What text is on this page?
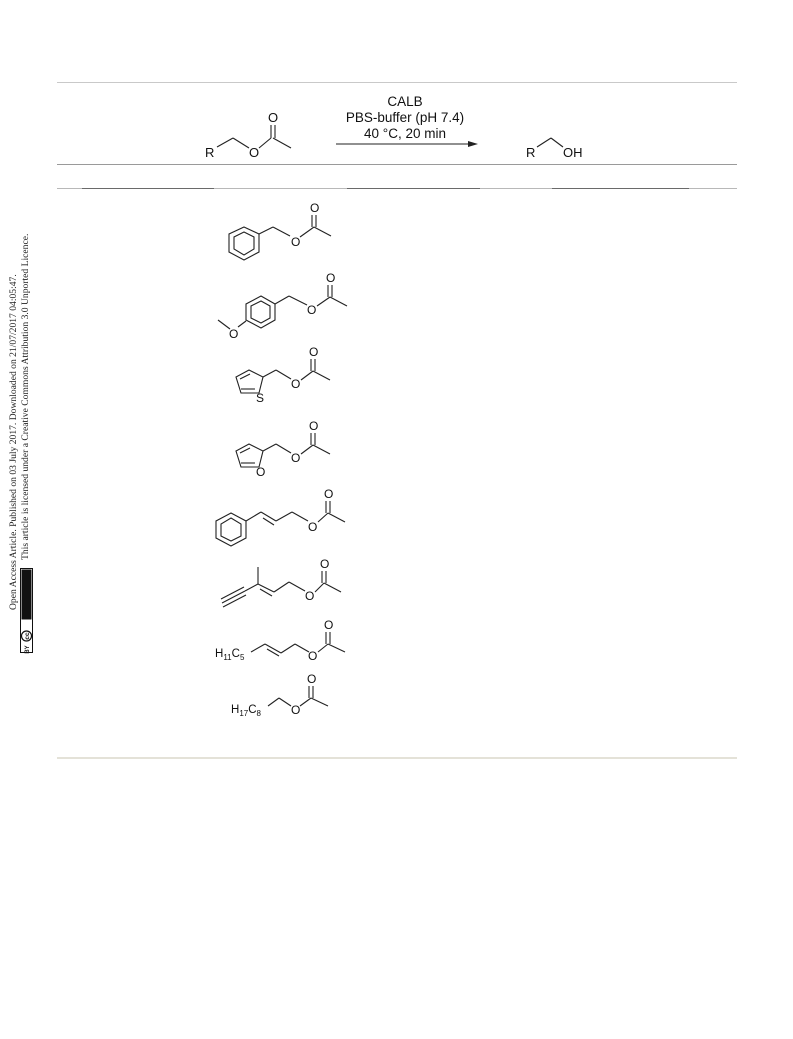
Open Access Article. Published on 03 July 2017. Downloaded on 21/07/2017 04:05:47. This article is licensed under a Creative Commons Attribution 3.0 Unported Licence.
cc
BY
CALB
PBS-buffer (pH 7.4)
40 °C, 20 min
R	O
O
R OH
O
O
O
O
O
S
O
O
O
O
O
O
O
O
O
$H_{11}C_5$	O
O
$H_{17}C_8$	O
O
